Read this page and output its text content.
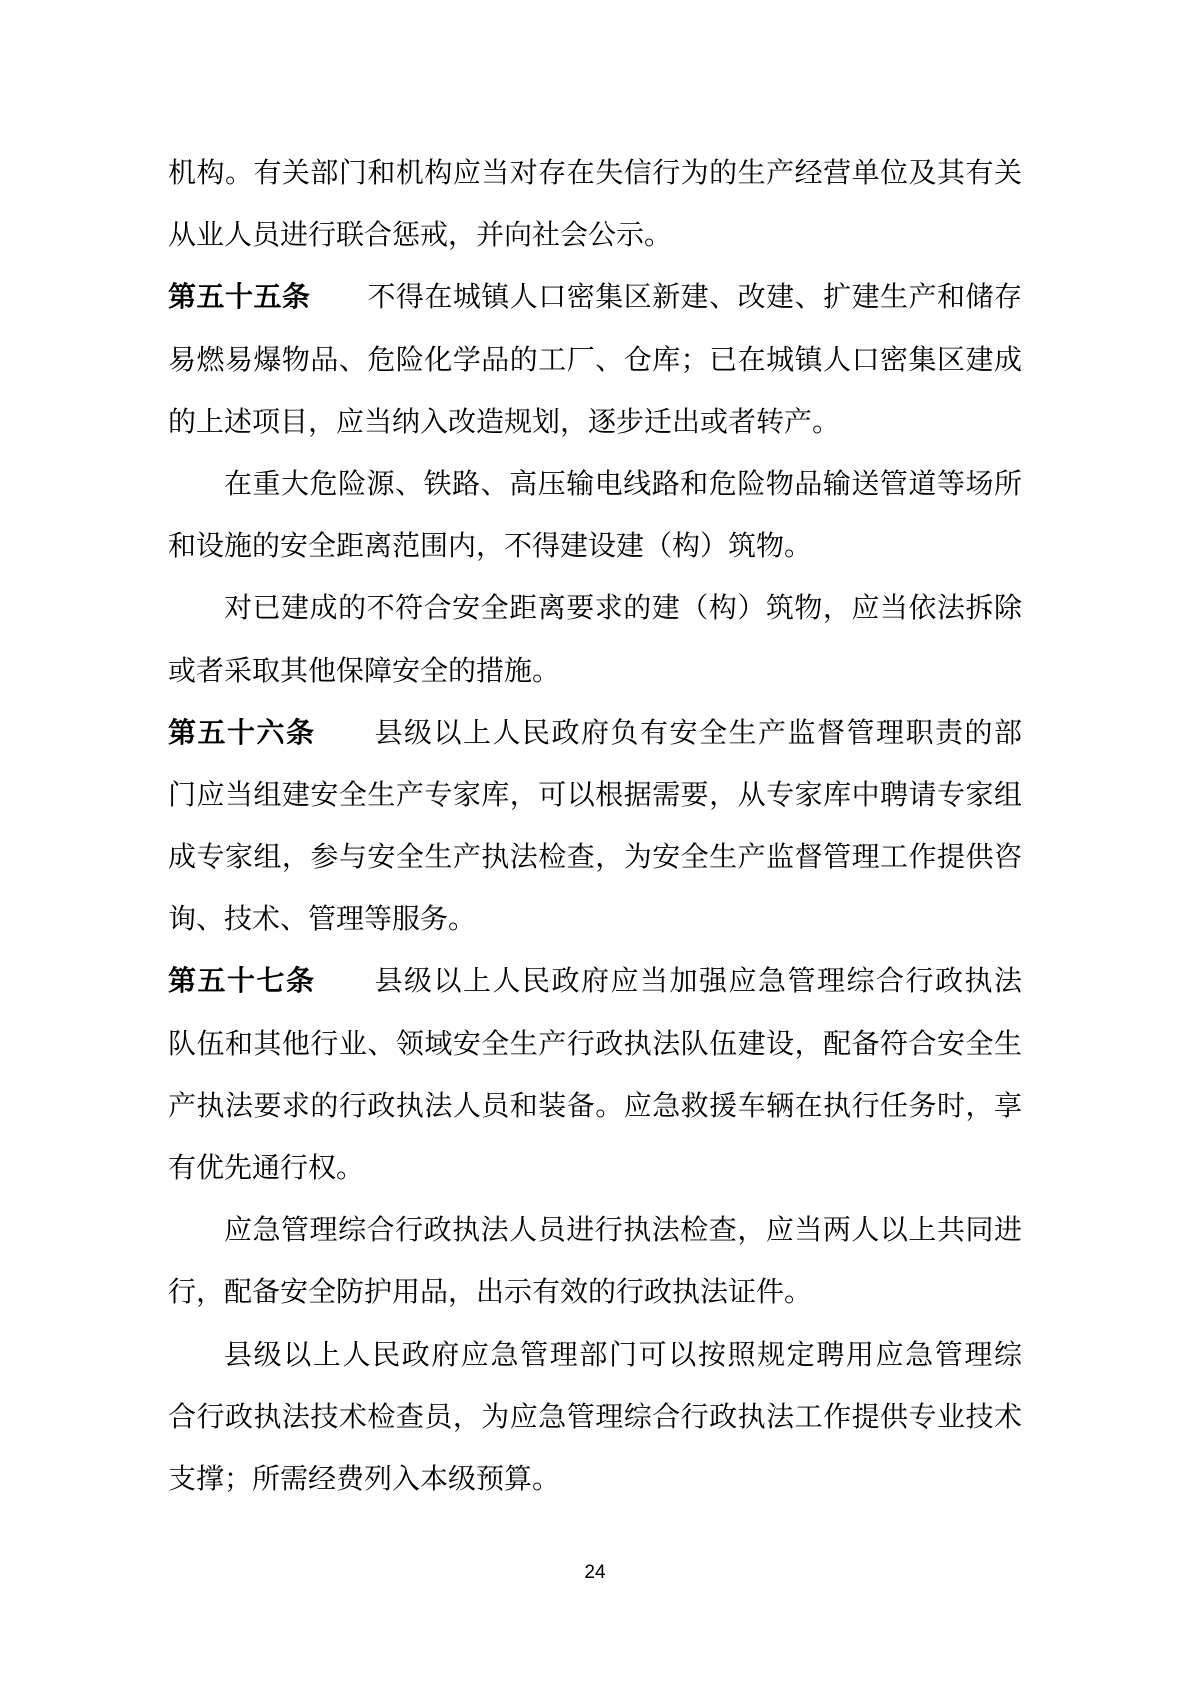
机构。有关部门和机构应当对存在失信行为的生产经营单位及其有关
从业人员进行联合惩戒，并向社会公示。
第五十五条　　不得在城镇人口密集区新建、改建、扩建生产和储存
易燃易爆物品、危险化学品的工厂、仓库；已在城镇人口密集区建成
的上述项目，应当纳入改造规划，逐步迁出或者转产。
在重大危险源、铁路、高压输电线路和危险物品输送管道等场所
和设施的安全距离范围内，不得建设建（构）筑物。
对已建成的不符合安全距离要求的建（构）筑物，应当依法拆除
或者采取其他保障安全的措施。
第五十六条　　县级以上人民政府负有安全生产监督管理职责的部
门应当组建安全生产专家库，可以根据需要，从专家库中聘请专家组
成专家组，参与安全生产执法检查，为安全生产监督管理工作提供咨
询、技术、管理等服务。
第五十七条　　县级以上人民政府应当加强应急管理综合行政执法
队伍和其他行业、领域安全生产行政执法队伍建设，配备符合安全生
产执法要求的行政执法人员和装备。应急救援车辆在执行任务时，享
有优先通行权。
应急管理综合行政执法人员进行执法检查，应当两人以上共同进
行，配备安全防护用品，出示有效的行政执法证件。
县级以上人民政府应急管理部门可以按照规定聘用应急管理综
合行政执法技术检查员，为应急管理综合行政执法工作提供专业技术
支撑；所需经费列入本级预算。
24
